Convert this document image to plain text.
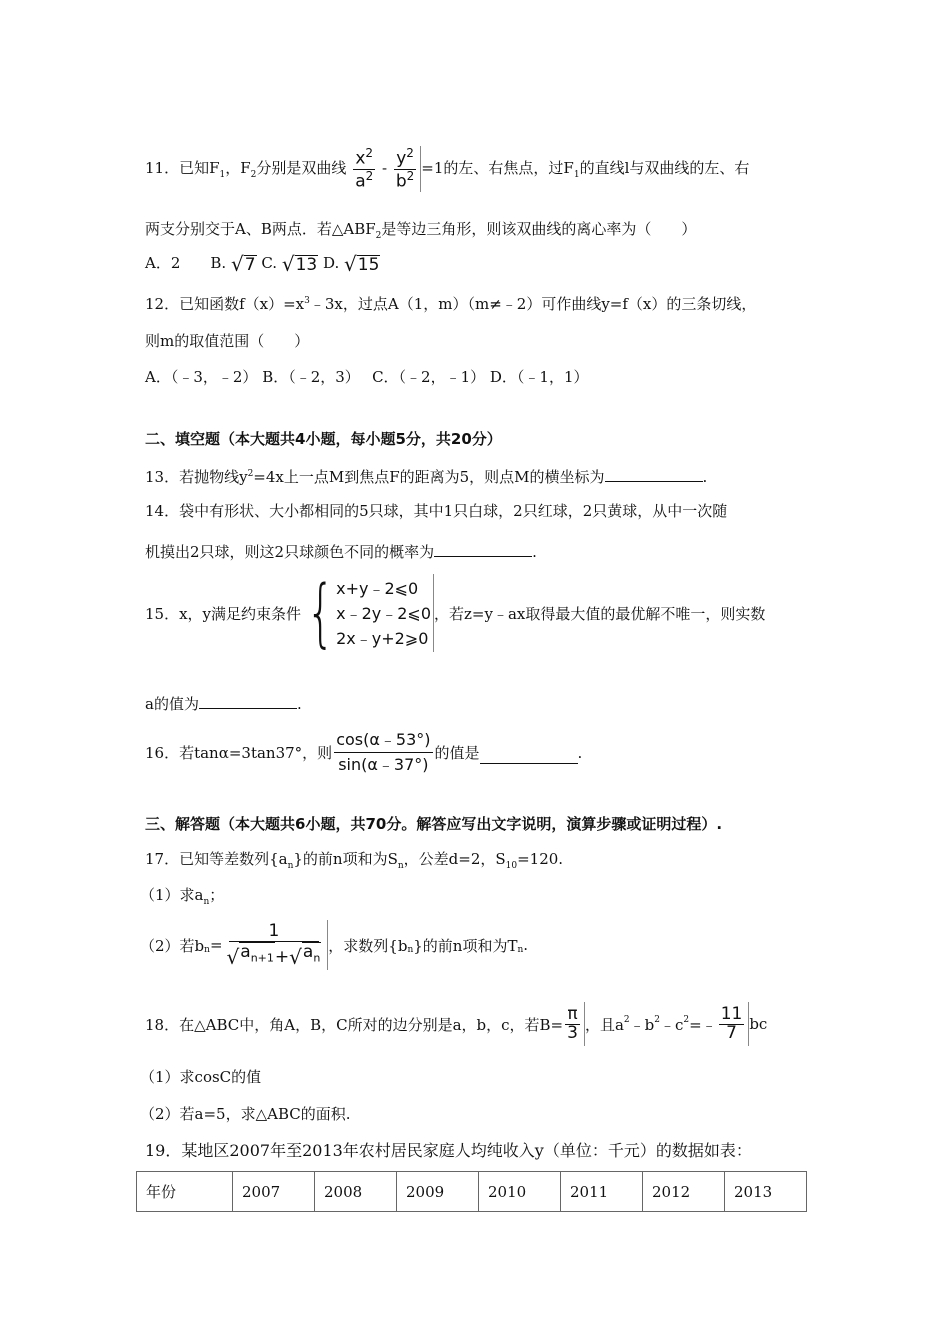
11．已知$F_1$，$F_2$分别是双曲线 $\frac{x^2}{a^2} - \frac{y^2}{b^2} =1$的左、右焦点，过$F_1$的直线l与双曲线的左、右
两支分别交于A、B两点．若$\triangle ABF_2$是等边三角形，则该双曲线的离心率为（　　）
A．2　　B. √ 7 C. √ 13 D. √ 15
12．已知函数$f(x)=x^3﹣3x$，过点A（1，m）（m≠﹣2）可作曲线y=f（x）的三条切线，
则m的取值范围（　　）
A．（﹣3，﹣2） B．（﹣2，3）　 C．（﹣2，﹣1） D．（﹣1，1）
二、填空题（本大题共4小题，每小题5分，共20分）
13．若抛物线$y^2=4x$上一点M到焦点F的距离为5，则点M的横坐标为	.
14．袋中有形状、大小都相同的5只球，其中1只白球，2只红球，2只黄球，从中一次随
机摸出2只球，则这2只球颜色不同的概率为	.
15．x，y满足约束条件 { x+y﹣2⩽0
x﹣2y﹣2⩽0
2x﹣y+2⩾0
，若z=y﹣ax取得最大值的最优解不唯一，则实数
a的值为	.
16．若tanα=3tan37°，则 $\frac{\cos(\alpha﹣53^\circ)}{\sin(\alpha﹣37^\circ)}$ 的值是	.
三、解答题（本大题共6小题，共70分。解答应写出文字说明，演算步骤或证明过程）.
17．已知等差数列$\{a_n\}$的前n项和为$S_n$，公差d=2，$S_{10}=120$.
（1）求$a_n$；
（2）若$b_n = \frac{1}{√ a_{n+1} + √ a_n}$ ，求数列{$b_n$ }的前n项和为$T_n$ .
18．在△ABC中，角A，B，C所对的边分别是a，b，c，若$B= \frac{\pi}{3}$ ，且$a^2$ $﹣b^2$ $﹣c^2$ =﹣ $\frac{11}{7}$ bc
（1）求cosC的值
（2）若a=5，求△ABC的面积.
19．某地区2007年至2013年农村居民家庭人均纯收入y（单位：千元）的数据如表：
年份	2007	2008	2009	2010	2011	2012	2013
